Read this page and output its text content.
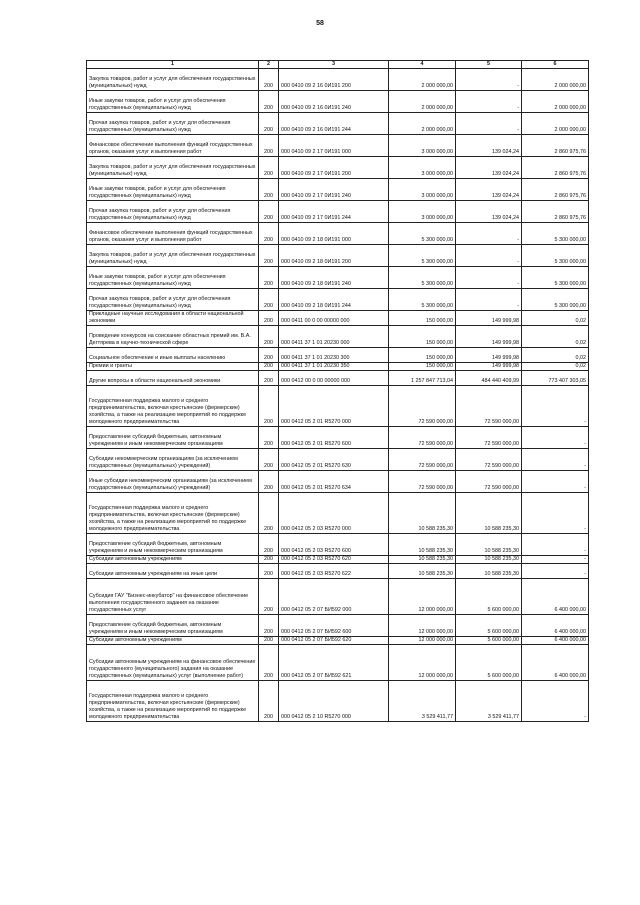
58
1	2	3	4	5	6
Закупка товаров, работ и услуг для обеспечения государственных (муниципальных) нужд	200	000 0410 09 2 16 0И191 200	2 000 000,00	-	2 000 000,00
Иные закупки товаров, работ и услуг для обеспечения государственных (муниципальных) нужд	200	000 0410 09 2 16 0И191 240	2 000 000,00	-	2 000 000,00
Прочая закупка товаров, работ и услуг для обеспечения государственных (муниципальных) нужд	200	000 0410 09 2 16 0И191 244	2 000 000,00	-	2 000 000,00
Финансовое обеспечение выполнения функций государственных органов, оказания услуг и выполнения работ	200	000 0410 09 2 17 0И191 000	3 000 000,00	139 024,24	2 860 975,76
Закупка товаров, работ и услуг для обеспечения государственных (муниципальных) нужд	200	000 0410 09 2 17 0И191 200	3 000 000,00	139 024,24	2 860 975,76
Иные закупки товаров, работ и услуг для обеспечения государственных (муниципальных) нужд	200	000 0410 09 2 17 0И191 240	3 000 000,00	139 024,24	2 860 975,76
Прочая закупка товаров, работ и услуг для обеспечения государственных (муниципальных) нужд	200	000 0410 09 2 17 0И191 244	3 000 000,00	139 024,24	2 860 975,76
Финансовое обеспечение выполнения функций государственных органов, оказания услуг и выполнения работ	200	000 0410 09 2 18 0И191 000	5 300 000,00	-	5 300 000,00
Закупка товаров, работ и услуг для обеспечения государственных (муниципальных) нужд	200	000 0410 09 2 18 0И191 200	5 300 000,00	-	5 300 000,00
Иные закупки товаров, работ и услуг для обеспечения государственных (муниципальных) нужд	200	000 0410 09 2 18 0И191 240	5 300 000,00	-	5 300 000,00
Прочая закупка товаров, работ и услуг для обеспечения государственных (муниципальных) нужд	200	000 0410 09 2 18 0И191 244	5 300 000,00	-	5 300 000,00
Прикладные научные исследования в области национальной экономики	200	000 0411 00 0 00 00000 000	150 000,00	149 999,98	0,02
Проведение конкурсов на соискание областных премий им. В.А. Дегтярева в научно-технической сфере	200	000 0411 37 1 01 20230 000	150 000,00	149 999,98	0,02
Социальное обеспечение и иные выплаты населению	200	000 0411 37 1 01 20230 300	150 000,00	149 999,98	0,02
Премии и гранты	200	000 0411 37 1 01 20230 350	150 000,00	149 999,98	0,02
Другие вопросы в области национальной экономики	200	000 0412 00 0 00 00000 000	1 257 847 713,04	484 440 409,99	773 407 303,05
Государственная поддержка малого и среднего предпринимательства, включая крестьянские (фермерские) хозяйства, а также на реализацию мероприятий по поддержке молодежного предпринимательства	200	000 0412 05 2 01 R5270 000	72 590 000,00	72 590 000,00	-
Предоставление субсидий бюджетным, автономным учреждениям и иным некоммерческим организациям	200	000 0412 05 2 01 R5270 600	72 590 000,00	72 590 000,00	-
Субсидии некоммерческим организациям (за исключением государственных (муниципальных) учреждений)	200	000 0412 05 2 01 R5270 630	72 590 000,00	72 590 000,00	-
Иные субсидии некоммерческим организациям (за исключением государственных (муниципальных) учреждений)	200	000 0412 05 2 01 R5270 634	72 590 000,00	72 590 000,00	-
Государственная поддержка малого и среднего предпринимательства, включая крестьянские (фермерские) хозяйства, а также на реализацию мероприятий по поддержке молодежного предпринимательства	200	000 0412 05 2 03 R5270 000	10 588 235,30	10 588 235,30	-
Предоставление субсидий бюджетным, автономным учреждениям и иным некоммерческим организациям	200	000 0412 05 2 03 R5270 600	10 588 235,30	10 588 235,30	-
Субсидии автономным учреждениям	200	000 0412 05 2 03 R5270 620	10 588 235,30	10 588 235,30	-
Субсидии автономным учреждениям на иные цели	200	000 0412 05 2 03 R5270 622	10 588 235,30	10 588 235,30	-
Субсидия ГАУ "Бизнес-инкубатор" на финансовое обеспечение выполнения государственного задания на оказание государственных услуг	200	000 0412 05 2 07 БИ592 000	12 000 000,00	5 600 000,00	6 400 000,00
Предоставление субсидий бюджетным, автономным учреждениям и иным некоммерческим организациям	200	000 0412 05 2 07 БИ592 600	12 000 000,00	5 600 000,00	6 400 000,00
Субсидии автономным учреждениям	200	000 0412 05 2 07 БИ592 620	12 000 000,00	5 600 000,00	6 400 000,00
Субсидии автономным учреждениям на финансовое обеспечение государственного (муниципального) задания на оказание государственных (муниципальных) услуг (выполнение работ)	200	000 0412 05 2 07 БИ592 621	12 000 000,00	5 600 000,00	6 400 000,00
Государственная поддержка малого и среднего предпринимательства, включая крестьянские (фермерские) хозяйства, а также на реализацию мероприятий по поддержке молодежного предпринимательства	200	000 0412 05 2 10 R5270 000	3 529 411,77	3 529 411,77	-
